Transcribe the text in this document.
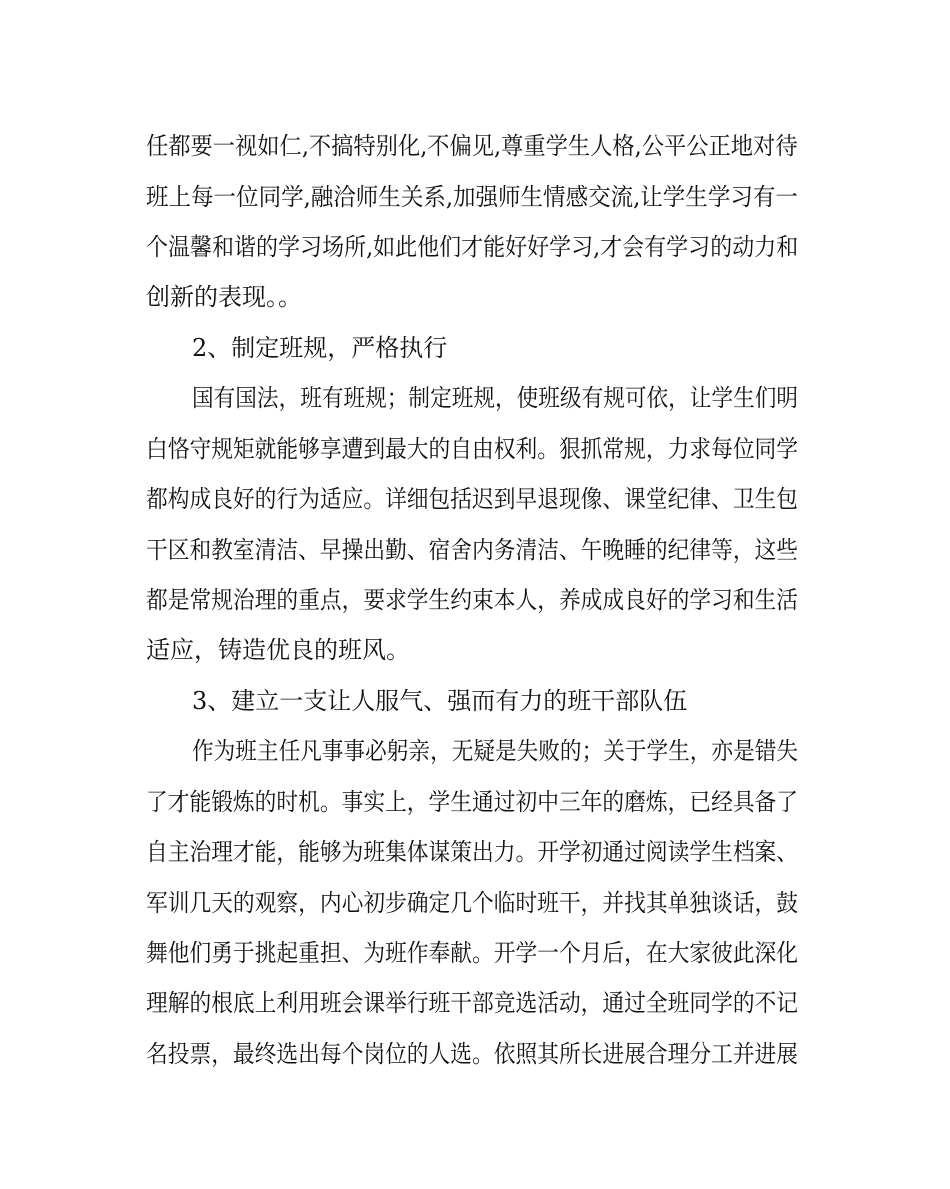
任都要一视如仁,不搞特别化,不偏见,尊重学生人格,公平公正地对待
班上每一位同学,融洽师生关系,加强师生情感交流,让学生学习有一
个温馨和谐的学习场所,如此他们才能好好学习,才会有学习的动力和
创新的表现。。
2、制定班规，严格执行
国有国法，班有班规；制定班规，使班级有规可依，让学生们明
白恪守规矩就能够享遭到最大的自由权利。狠抓常规，力求每位同学
都构成良好的行为适应。详细包括迟到早退现像、课堂纪律、卫生包
干区和教室清洁、早操出勤、宿舍内务清洁、午晚睡的纪律等，这些
都是常规治理的重点，要求学生约束本人，养成成良好的学习和生活
适应，铸造优良的班风。
3、建立一支让人服气、强而有力的班干部队伍
作为班主任凡事事必躬亲，无疑是失败的；关于学生，亦是错失
了才能锻炼的时机。事实上，学生通过初中三年的磨炼，已经具备了
自主治理才能，能够为班集体谋策出力。开学初通过阅读学生档案、
军训几天的观察，内心初步确定几个临时班干，并找其单独谈话，鼓
舞他们勇于挑起重担、为班作奉献。开学一个月后，在大家彼此深化
理解的根底上利用班会课举行班干部竞选活动，通过全班同学的不记
名投票，最终选出每个岗位的人选。依照其所长进展合理分工并进展
